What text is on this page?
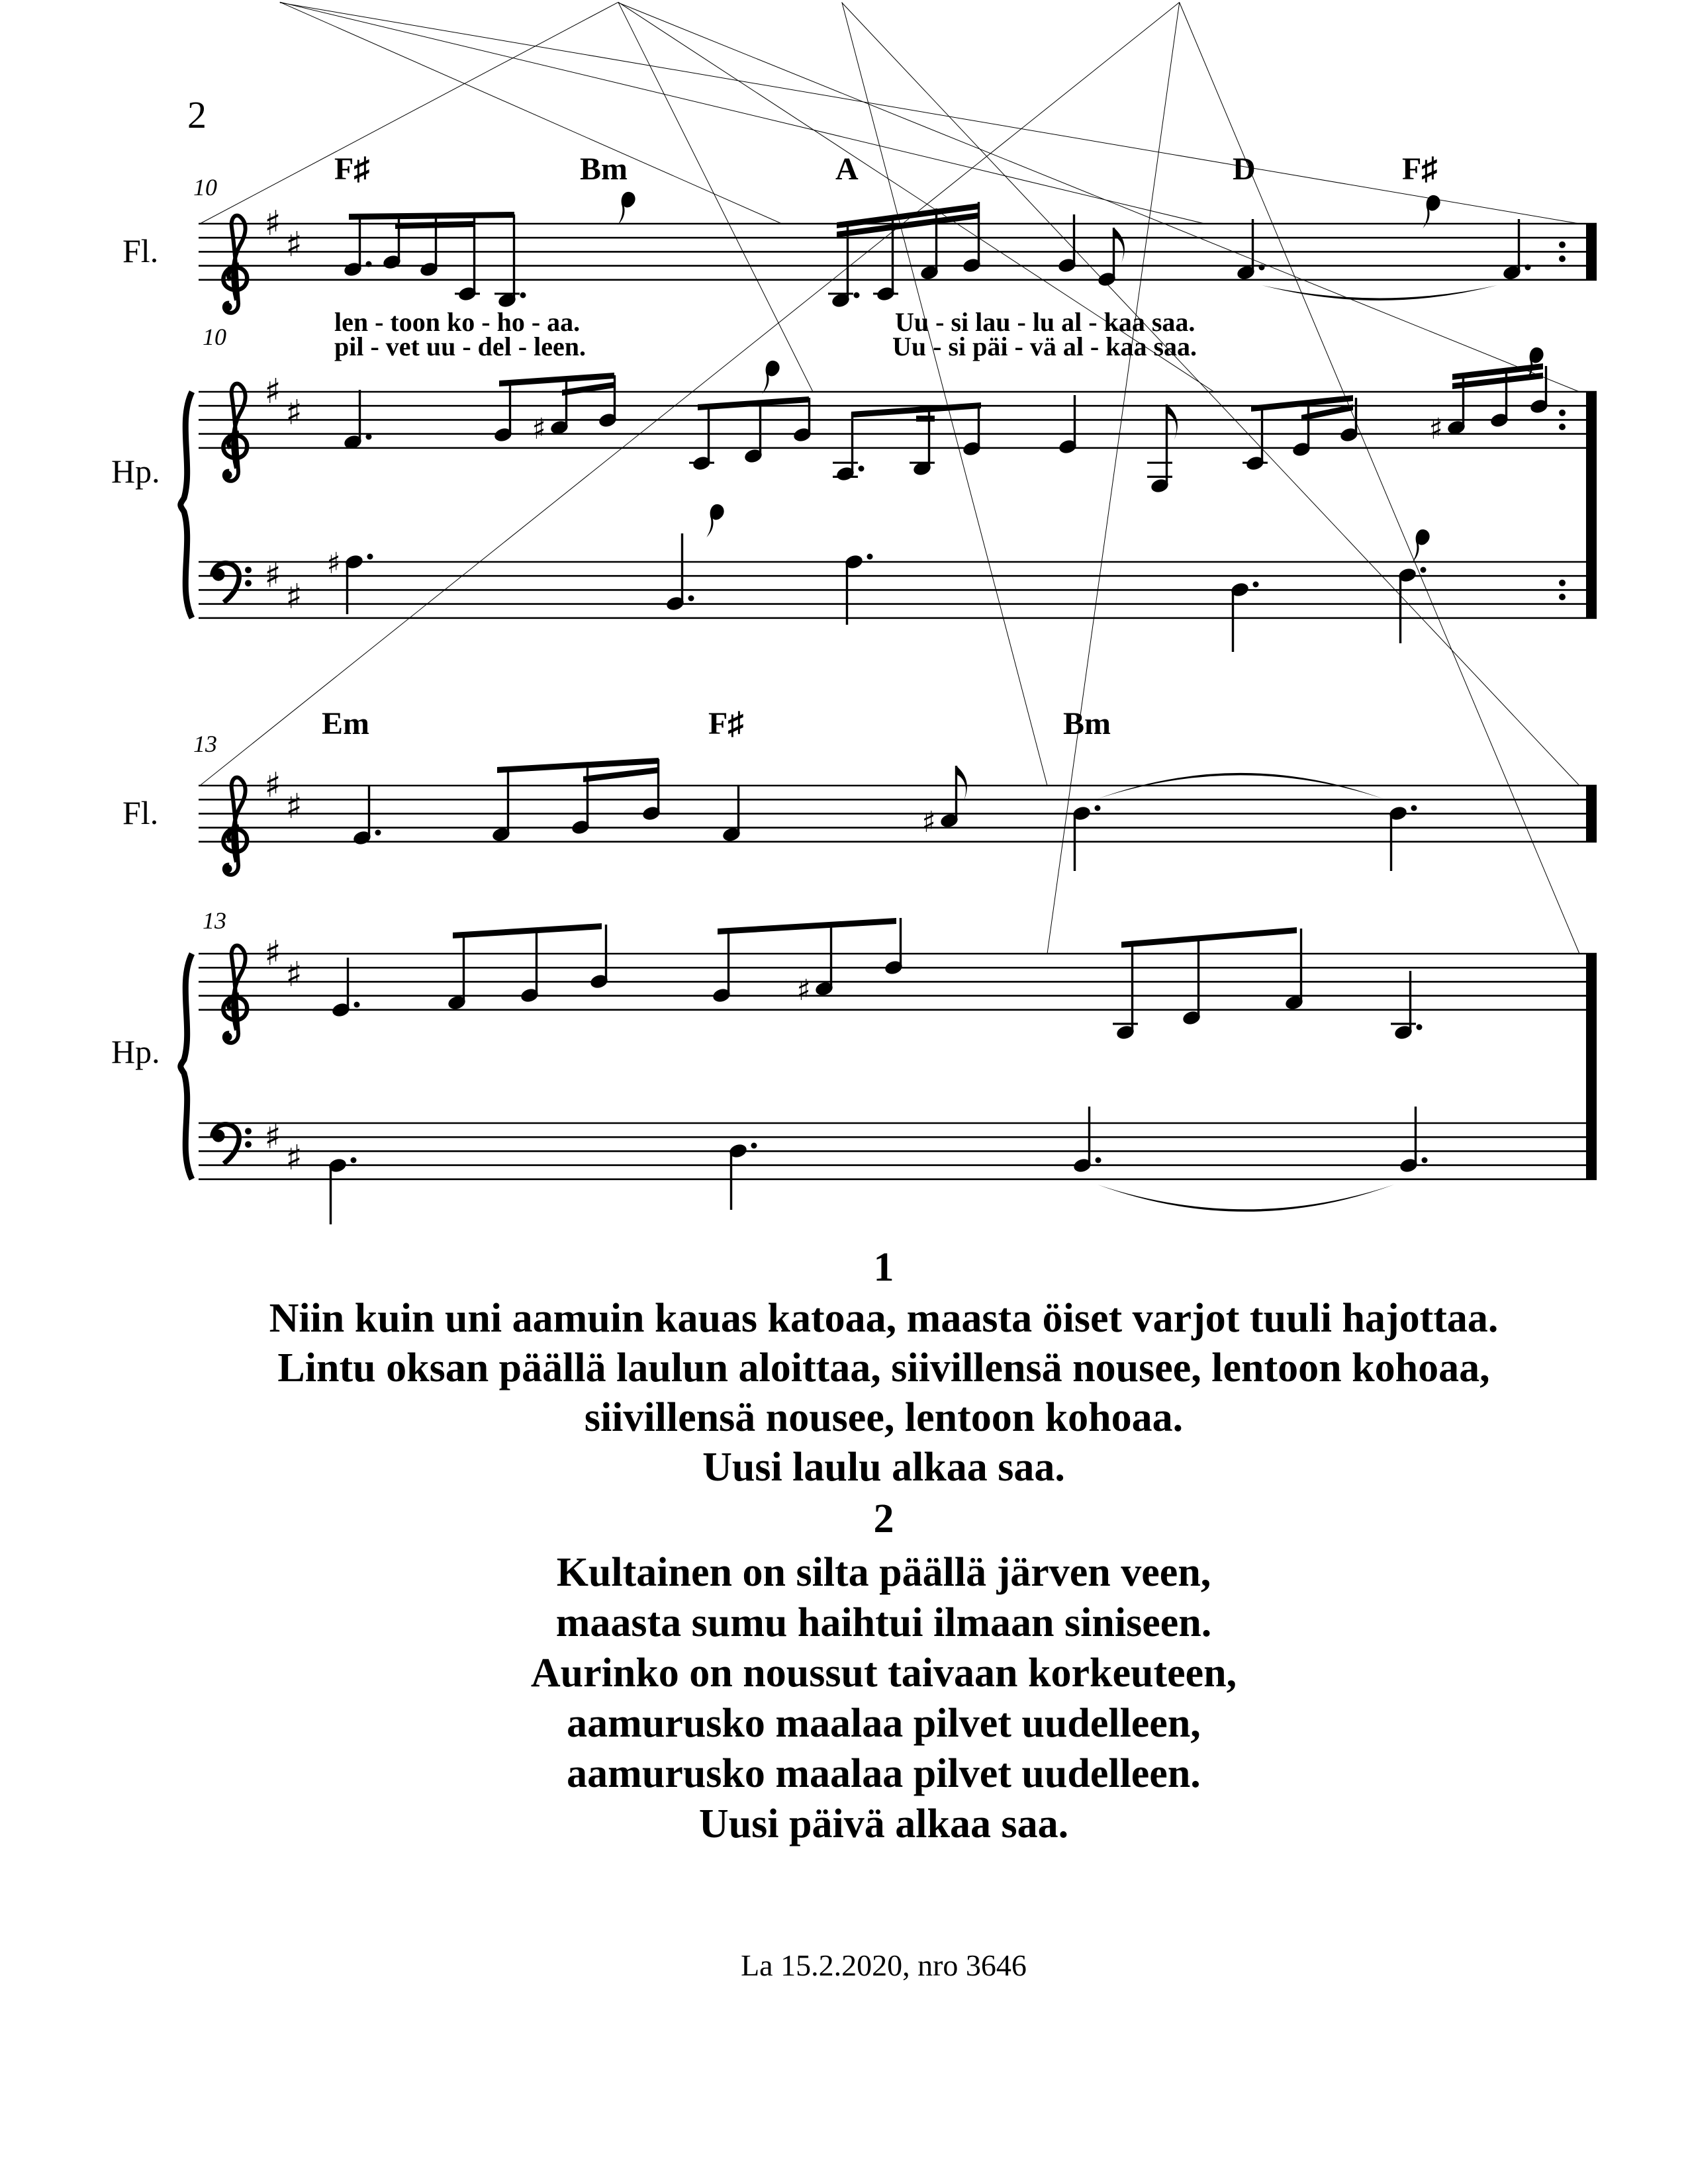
♯
♯
♯
♯
♯
♯
♯
♯
♯
♯
♯
♯
♯	♯
♯
♯
♯
2
Fl.
Hp.
Fl.
Hp.
10
10
13
13
F♯	Bm	A	D	F♯
Em	F♯	Bm
len - toon ko - ho - aa.
pil - vet uu - del - leen.
Uu - si lau - lu al - kaa saa.
Uu - si päi - vä al - kaa saa.
1
Niin kuin uni aamuin kauas katoaa, maasta öiset varjot tuuli hajottaa.
Lintu oksan päällä laulun aloittaa, siivillensä nousee, lentoon kohoaa,
siivillensä nousee, lentoon kohoaa.
Uusi laulu alkaa saa.
2
Kultainen on silta päällä järven veen,
maasta sumu haihtui ilmaan siniseen.
Aurinko on noussut taivaan korkeuteen,
aamurusko maalaa pilvet uudelleen,
aamurusko maalaa pilvet uudelleen.
Uusi päivä alkaa saa.
La 15.2.2020, nro 3646
